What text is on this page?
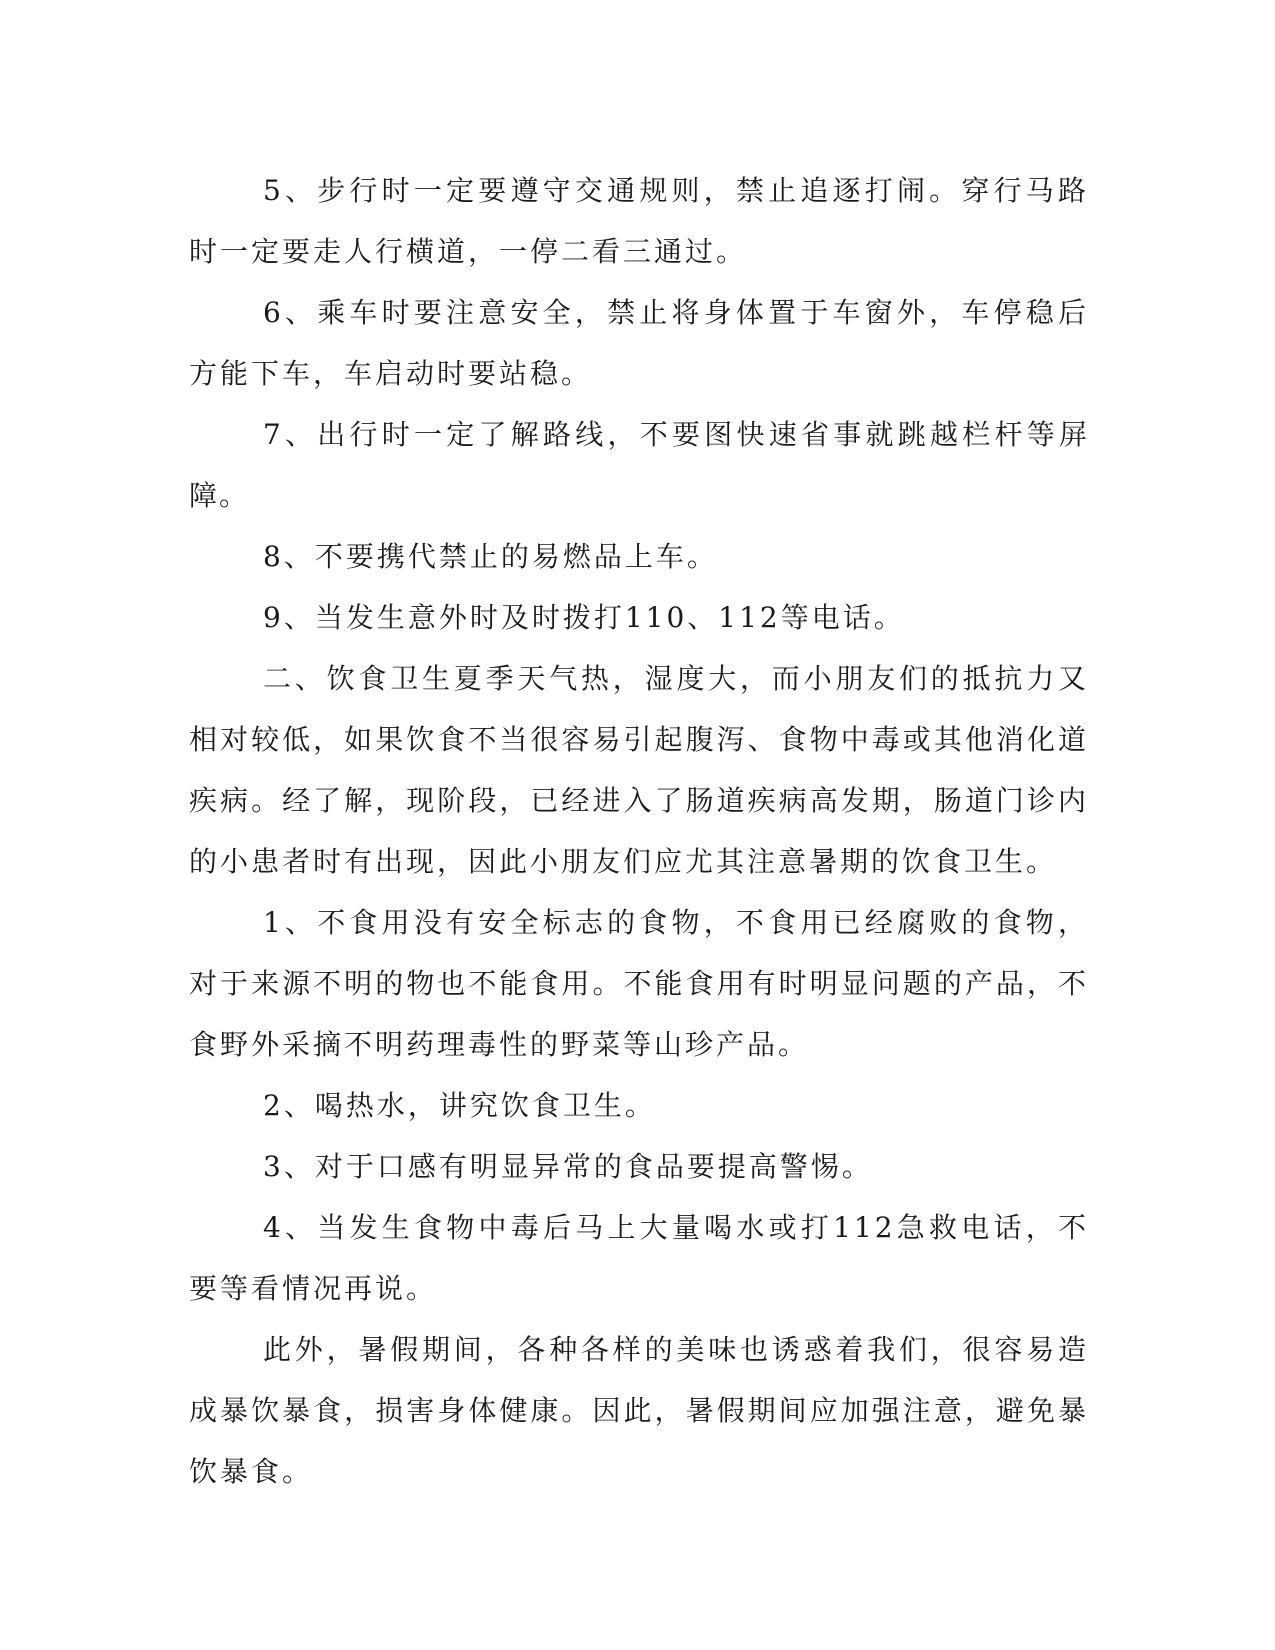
5、步行时一定要遵守交通规则，禁止追逐打闹。穿行马路时一定要走人行横道，一停二看三通过。

6、乘车时要注意安全，禁止将身体置于车窗外，车停稳后方能下车，车启动时要站稳。

7、出行时一定了解路线，不要图快速省事就跳越栏杆等屏障。

8、不要携代禁止的易燃品上车。

9、当发生意外时及时拨打110、112等电话。

二、饮食卫生夏季天气热，湿度大，而小朋友们的抵抗力又相对较低，如果饮食不当很容易引起腹泻、食物中毒或其他消化道疾病。经了解，现阶段，已经进入了肠道疾病高发期，肠道门诊内的小患者时有出现，因此小朋友们应尤其注意暑期的饮食卫生。

1、不食用没有安全标志的食物，不食用已经腐败的食物，对于来源不明的物也不能食用。不能食用有时明显问题的产品，不食野外采摘不明药理毒性的野菜等山珍产品。

2、喝热水，讲究饮食卫生。

3、对于口感有明显异常的食品要提高警惕。

4、当发生食物中毒后马上大量喝水或打112急救电话，不要等看情况再说。

此外，暑假期间，各种各样的美味也诱惑着我们，很容易造成暴饮暴食，损害身体健康。因此，暑假期间应加强注意，避免暴饮暴食。
